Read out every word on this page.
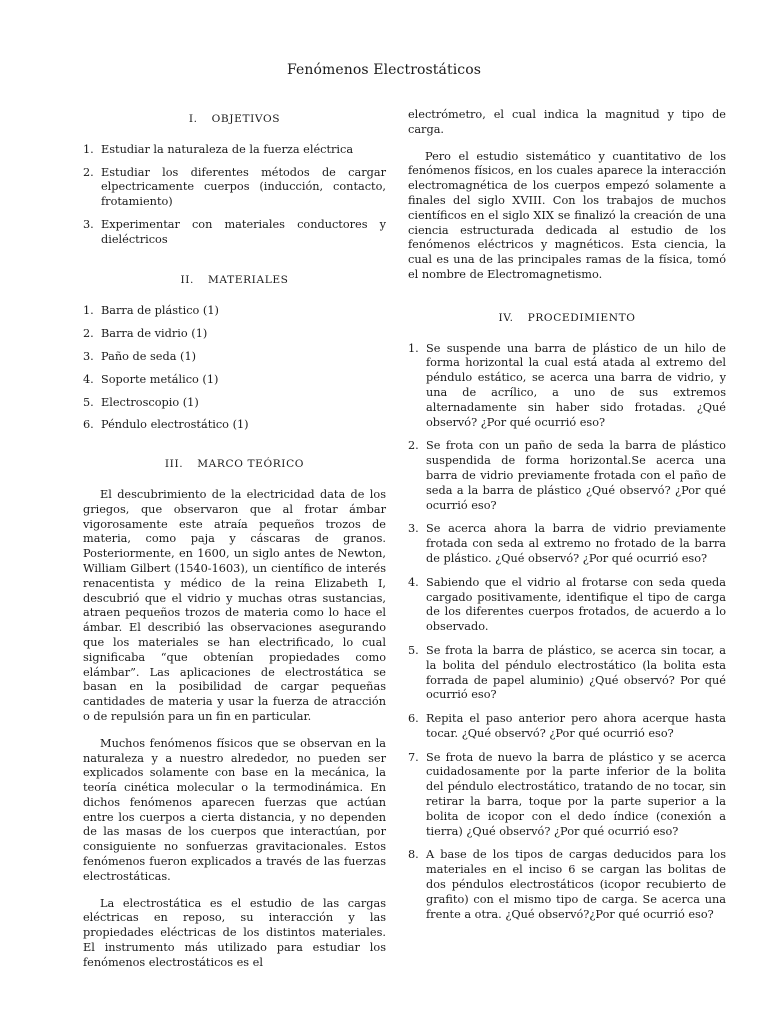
Fenómenos Electrostáticos
I. OBJETIVOS
1. Estudiar la naturaleza de la fuerza eléctrica
2. Estudiar los diferentes métodos de cargar elpectricamente cuerpos (inducción, contacto, frotamiento)
3. Experimentar con materiales conductores y dieléctricos
II. MATERIALES
1. Barra de plástico (1)
2. Barra de vidrio (1)
3. Paño de seda (1)
4. Soporte metálico (1)
5. Electroscopio (1)
6. Péndulo electrostático (1)
III. MARCO TEÓRICO

El descubrimiento de la electricidad data de los griegos, que observaron que al frotar ámbar vigorosamente este atraía pequeños trozos de materia, como paja y cáscaras de granos. Posteriormente, en 1600, un siglo antes de Newton, William Gilbert (1540-1603), un científico de interés renacentista y médico de la reina Elizabeth I, descubrió que el vidrio y muchas otras sustancias, atraen pequeños trozos de materia como lo hace el ámbar. El describió las observaciones asegurando que los materiales se han electrificado, lo cual significaba “que obtenían propiedades como elámbar”. Las aplicaciones de electrostática se basan en la posibilidad de cargar pequeñas cantidades de materia y usar la fuerza de atracción o de repulsión para un fin en particular.

Muchos fenómenos físicos que se observan en la naturaleza y a nuestro alrededor, no pueden ser explicados solamente con base en la mecánica, la teoría cinética molecular o la termodinámica. En dichos fenómenos aparecen fuerzas que actúan entre los cuerpos a cierta distancia, y no dependen de las masas de los cuerpos que interactúan, por consiguiente no sonfuerzas gravitacionales. Estos fenómenos fueron explicados a través de las fuerzas electrostáticas.

La electrostática es el estudio de las cargas eléctricas en reposo, su interacción y las propiedades eléctricas de los distintos materiales. El instrumento más utilizado para estudiar los fenómenos electrostáticos es el

electrómetro, el cual indica la magnitud y tipo de carga.

Pero el estudio sistemático y cuantitativo de los fenómenos físicos, en los cuales aparece la interacción electromagnética de los cuerpos empezó solamente a finales del siglo XVIII. Con los trabajos de muchos científicos en el siglo XIX se finalizó la creación de una ciencia estructurada dedicada al estudio de los fenómenos eléctricos y magnéticos. Esta ciencia, la cual es una de las principales ramas de la física, tomó el nombre de Electromagnetismo.

IV. PROCEDIMIENTO
1. Se suspende una barra de plástico de un hilo de forma horizontal la cual está atada al extremo del péndulo estático, se acerca una barra de vidrio, y una de acrílico, a uno de sus extremos alternadamente sin haber sido frotadas. ¿Qué observó? ¿Por qué ocurrió eso?
2. Se frota con un paño de seda la barra de plástico suspendida de forma horizontal.Se acerca una barra de vidrio previamente frotada con el paño de seda a la barra de plástico ¿Qué observó? ¿Por qué ocurrió eso?
3. Se acerca ahora la barra de vidrio previamente frotada con seda al extremo no frotado de la barra de plástico. ¿Qué observó? ¿Por qué ocurrió eso?
4. Sabiendo que el vidrio al frotarse con seda queda cargado positivamente, identifique el tipo de carga de los diferentes cuerpos frotados, de acuerdo a lo observado.
5. Se frota la barra de plástico, se acerca sin tocar, a la bolita del péndulo electrostático (la bolita esta forrada de papel aluminio) ¿Qué observó? Por qué ocurrió eso?
6. Repita el paso anterior pero ahora acerque hasta tocar. ¿Qué observó? ¿Por qué ocurrió eso?
7. Se frota de nuevo la barra de plástico y se acerca cuidadosamente por la parte inferior de la bolita del péndulo electrostático, tratando de no tocar, sin retirar la barra, toque por la parte superior a la bolita de icopor con el dedo índice (conexión a tierra) ¿Qué observó? ¿Por qué ocurrió eso?
8. A base de los tipos de cargas deducidos para los materiales en el inciso 6 se cargan las bolitas de dos péndulos electrostáticos (icopor recubierto de grafito) con el mismo tipo de carga. Se acerca una frente a otra. ¿Qué observó?¿Por qué ocurrió eso?
